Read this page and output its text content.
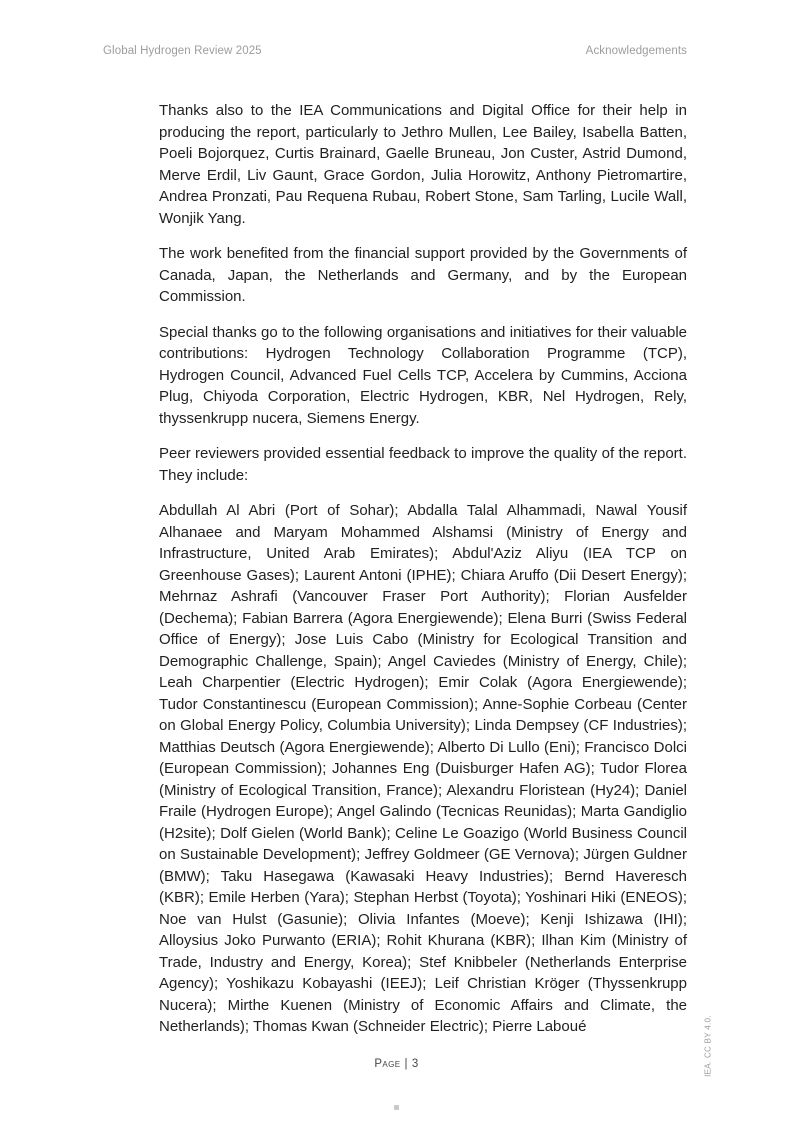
Global Hydrogen Review 2025	Acknowledgements

Thanks also to the IEA Communications and Digital Office for their help in producing the report, particularly to Jethro Mullen, Lee Bailey, Isabella Batten, Poeli Bojorquez, Curtis Brainard, Gaelle Bruneau, Jon Custer, Astrid Dumond, Merve Erdil, Liv Gaunt, Grace Gordon, Julia Horowitz, Anthony Pietromartire, Andrea Pronzati, Pau Requena Rubau, Robert Stone, Sam Tarling, Lucile Wall, Wonjik Yang.

The work benefited from the financial support provided by the Governments of Canada, Japan, the Netherlands and Germany, and by the European Commission.

Special thanks go to the following organisations and initiatives for their valuable contributions: Hydrogen Technology Collaboration Programme (TCP), Hydrogen Council, Advanced Fuel Cells TCP, Accelera by Cummins, Acciona Plug, Chiyoda Corporation, Electric Hydrogen, KBR, Nel Hydrogen, Rely, thyssenkrupp nucera, Siemens Energy.

Peer reviewers provided essential feedback to improve the quality of the report. They include:

Abdullah Al Abri (Port of Sohar); Abdalla Talal Alhammadi, Nawal Yousif Alhanaee and Maryam Mohammed Alshamsi (Ministry of Energy and Infrastructure, United Arab Emirates); Abdul'Aziz Aliyu (IEA TCP on Greenhouse Gases); Laurent Antoni (IPHE); Chiara Aruffo (Dii Desert Energy); Mehrnaz Ashrafi (Vancouver Fraser Port Authority); Florian Ausfelder (Dechema); Fabian Barrera (Agora Energiewende); Elena Burri (Swiss Federal Office of Energy); Jose Luis Cabo (Ministry for Ecological Transition and Demographic Challenge, Spain); Angel Caviedes (Ministry of Energy, Chile); Leah Charpentier (Electric Hydrogen); Emir Colak (Agora Energiewende); Tudor Constantinescu (European Commission); Anne-Sophie Corbeau (Center on Global Energy Policy, Columbia University); Linda Dempsey (CF Industries); Matthias Deutsch (Agora Energiewende); Alberto Di Lullo (Eni); Francisco Dolci (European Commission); Johannes Eng (Duisburger Hafen AG); Tudor Florea (Ministry of Ecological Transition, France); Alexandru Floristean (Hy24); Daniel Fraile (Hydrogen Europe); Angel Galindo (Tecnicas Reunidas); Marta Gandiglio (H2site); Dolf Gielen (World Bank); Celine Le Goazigo (World Business Council on Sustainable Development); Jeffrey Goldmeer (GE Vernova); Jürgen Guldner (BMW); Taku Hasegawa (Kawasaki Heavy Industries); Bernd Haveresch (KBR); Emile Herben (Yara); Stephan Herbst (Toyota); Yoshinari Hiki (ENEOS); Noe van Hulst (Gasunie); Olivia Infantes (Moeve); Kenji Ishizawa (IHI); Alloysius Joko Purwanto (ERIA); Rohit Khurana (KBR); Ilhan Kim (Ministry of Trade, Industry and Energy, Korea); Stef Knibbeler (Netherlands Enterprise Agency); Yoshikazu Kobayashi (IEEJ); Leif Christian Kröger (Thyssenkrupp Nucera); Mirthe Kuenen (Ministry of Economic Affairs and Climate, the Netherlands); Thomas Kwan (Schneider Electric); Pierre Laboué

Page | 3	IEA. CC BY 4.0.
